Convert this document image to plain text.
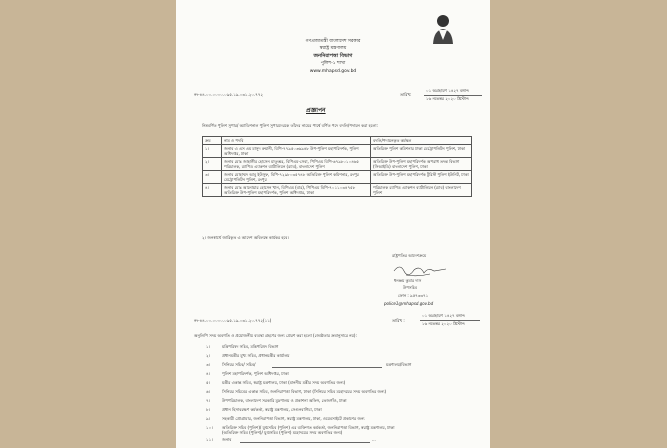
গণপ্রজাতন্ত্রী বাংলাদেশ সরকার
স্বরাষ্ট্র মন্ত্রণালয়
জননিরাপত্তা বিভাগ
পুলিশ-১ শাখা
www.mhapsd.gov.bd
নং-৪৪.০০.০০০০.০৯৫.১৯.০৩১.২০.৭৭২	তারিখ:
০১ অগ্রহায়ণ ১৪২৭ বঙ্গাব্দ
১৬ নভেম্বর ২০২০ খ্রিস্টাব্দ
প্রজ্ঞাপন
নিম্নবর্ণিত পুলিশ সুপার/ অ্যাডিশনাল পুলিশ সুপারদেরকে তাঁদের নামের পার্শ্বে বর্ণিত পদে বদলি/পদায়ন করা হলো:
ক্রম	নাম ও পদবি	বদলি/পদায়নকৃত কর্মস্থল
১।	জনাব এ এস এম মাসুদ রুমানী, বিপি-৭৭৯৫০৩৬৯৪৮ উপ-পুলিশ মহাপরিদর্শক, পুলিশ অধিদপ্তর, ঢাকা	অতিরিক্ত পুলিশ কমিশনার ঢাকা মেট্রোপলিটন পুলিশ, ঢাকা
২।	জনাব মোঃ জাহাঙ্গীর হোসেন মাতুব্বর, বিপিএম-সেবা, পিপিএম বিপি-৬৭৯৮০১০৪৬৫ পরিচালক, র‌্যাপিড এ্যাকশন ব্যাটালিয়ন (র‌্যাব), বাংলাদেশ পুলিশ	অতিরিক্ত উপ-পুলিশ মহাপরিদর্শক অপরাধ তদন্ত বিভাগ (সিআইডি) বাংলাদেশ পুলিশ, ঢাকা
৩।	জনাব মোহাম্মদ আবু ইউসুফ, বিপি-৭২৯৮০৩৫৭৪৮ অতিরিক্ত পুলিশ কমিশনার, রংপুর মেট্রোপলিটন পুলিশ, রংপুর	অতিরিক্ত উপ-পুলিশ মহাপরিদর্শক টুরিস্ট পুলিশ ইউনিট, ঢাকা
৪।	জনাব মোঃ আনোয়ার হোসেন খান, বিপিএম (বার), পিপিএম বিপি-৭০১১০৩৪৭৫৮ অতিরিক্ত উপ-পুলিশ মহাপরিদর্শক, পুলিশ অধিদপ্তর, ঢাকা	পরিচালক র‌্যাপিড এ্যাকশন ব্যাটালিয়ন (র‌্যাব) বাংলাদেশ পুলিশ
২। জনস্বার্থে জারিকৃত এ আদেশ অবিলম্বে কার্যকর হবে।
রাষ্ট্রপতির আদেশক্রমে
ধনঞ্জয় কুমার দাস
উপসচিব
ফোন : ৯৫৭৩৩৭১
police1@mhapsd.gov.bd
নং-৪৪.০০.০০০০.০৯৫.১৯.০৩১.২০.৭৭২(১১)	তারিখ :
০১ অগ্রহায়ণ ১৪২৭ বঙ্গাব্দ
১৬ নভেম্বর ২০২০ খ্রিস্টাব্দ
অনুলিপি সদয় অবগতি ও প্রয়োজনীয় ব্যবস্থা গ্রহণের জন্য প্রেরণ করা হলো (জ্যেষ্ঠতার ক্রমানুসারে নয়):
১।	মন্ত্রিপরিষদ সচিব, মন্ত্রিপরিষদ বিভাগ
২।	প্রধানমন্ত্রীর মুখ্য সচিব, প্রধানমন্ত্রীর কার্যালয়
৩।	সিনিয়র সচিব/ সচিব/	মন্ত্রণালয়/বিভাগ
৪।	পুলিশ মহাপরিদর্শক, পুলিশ অধিদপ্তর, ঢাকা
৫।	মন্ত্রীর একান্ত সচিব, স্বরাষ্ট্র মন্ত্রণালয়, ঢাকা (মাননীয় মন্ত্রীর সদয় অবগতির জন্য)
৬।	সিনিয়র সচিবের একান্ত সচিব, জননিরাপত্তা বিভাগ, ঢাকা (সিনিয়র সচিব মহোদয়ের সদয় অবগতির জন্য)
৭।	উপপরিচালক, বাংলাদেশ সরকারি মুদ্রণালয় ও প্রকাশনা অফিস, তেজগাঁও, ঢাকা
৮।	প্রধান হিসাবরক্ষণ কর্মকর্তা, স্বরাষ্ট্র মন্ত্রণালয়, সেগুনবাগিচা, ঢাকা
৯।	সহকারী প্রোগ্রামার, জননিরাপত্তা বিভাগ, স্বরাষ্ট্র মন্ত্রণালয়, ঢাকা, ওয়েবসাইটে প্রকাশের জন্য
১০। অতিরিক্ত সচিব (পুলিশ)/ যুগ্মসচিব (পুলিশ) এর ব্যক্তিগত কর্মকর্তা, জননিরাপত্তা বিভাগ, স্বরাষ্ট্র মন্ত্রণালয়, ঢাকা
(অতিরিক্ত সচিব (পুলিশ)/ যুগ্মসচিব (পুলিশ) মহোদয়ের সদয় অবগতির জন্য)
১১। জনাব	...
